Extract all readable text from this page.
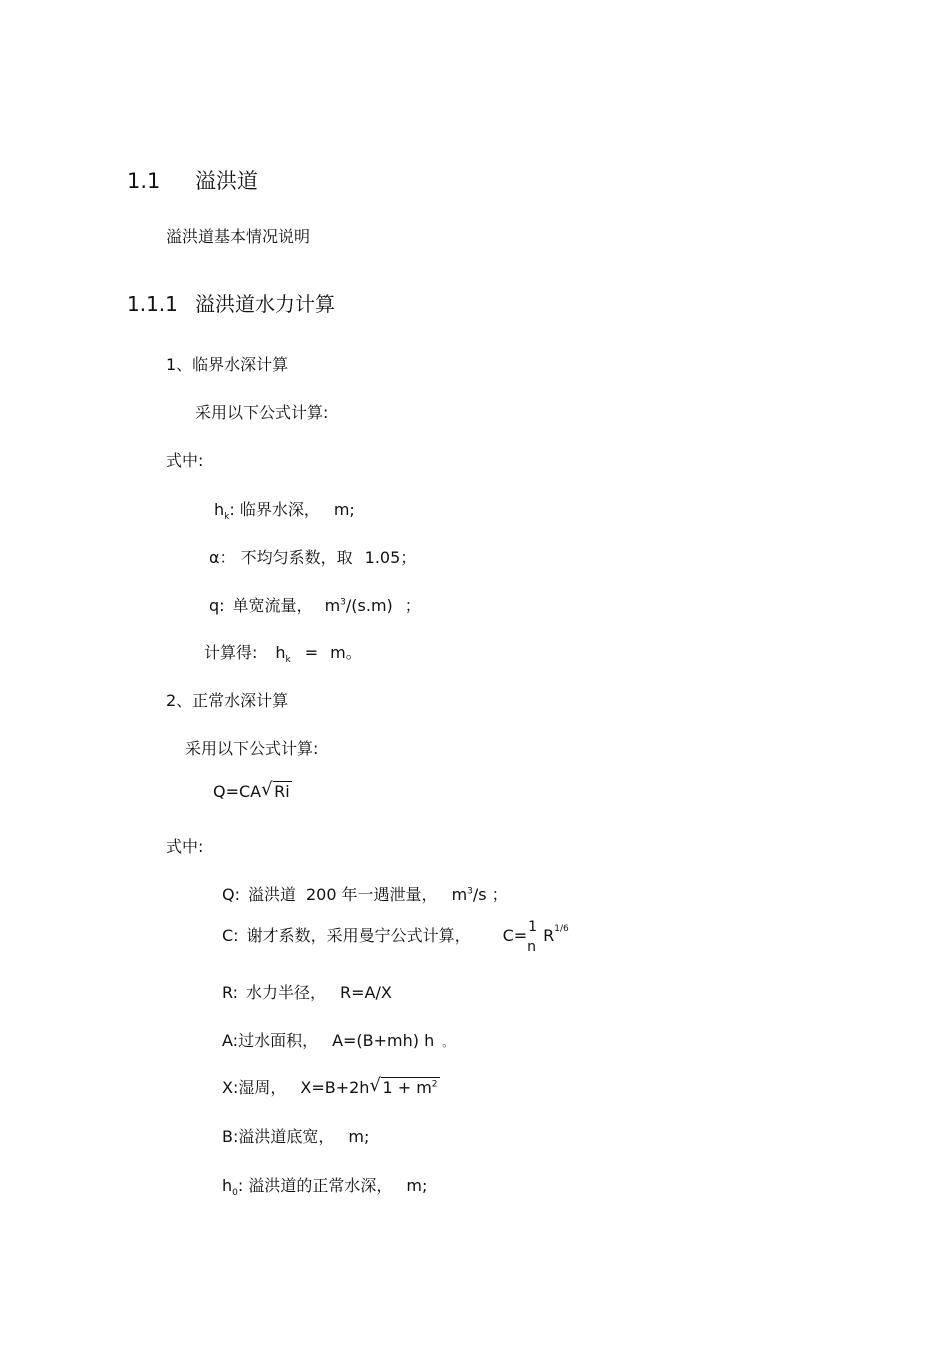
1.1 溢洪道
溢洪道基本情况说明
1.1.1 溢洪道水力计算
1、临界水深计算
采用以下公式计算:
式中:
$h_k$: 临界水深， m;
α： 不均匀系数，取 1.05；
q: 单宽流量， $m^3/(s.m)$ ；
计算得: $h_k = m$。
2、正常水深计算
采用以下公式计算:
Q=CA √ Ri
式中:
Q: 溢洪道 200 年一遇泄量， $m^3/s$ ；
C: 谢才系数，采用曼宁公式计算， C= 1
n
$R^{1/6}$
R: 水力半径， R=A/X
A:过水面积， A=(B+mh) h 。
X:湿周， X=B+2h √ $1 + m^2$
B:溢洪道底宽， m;
$h_0$: 溢洪道的正常水深， m;
